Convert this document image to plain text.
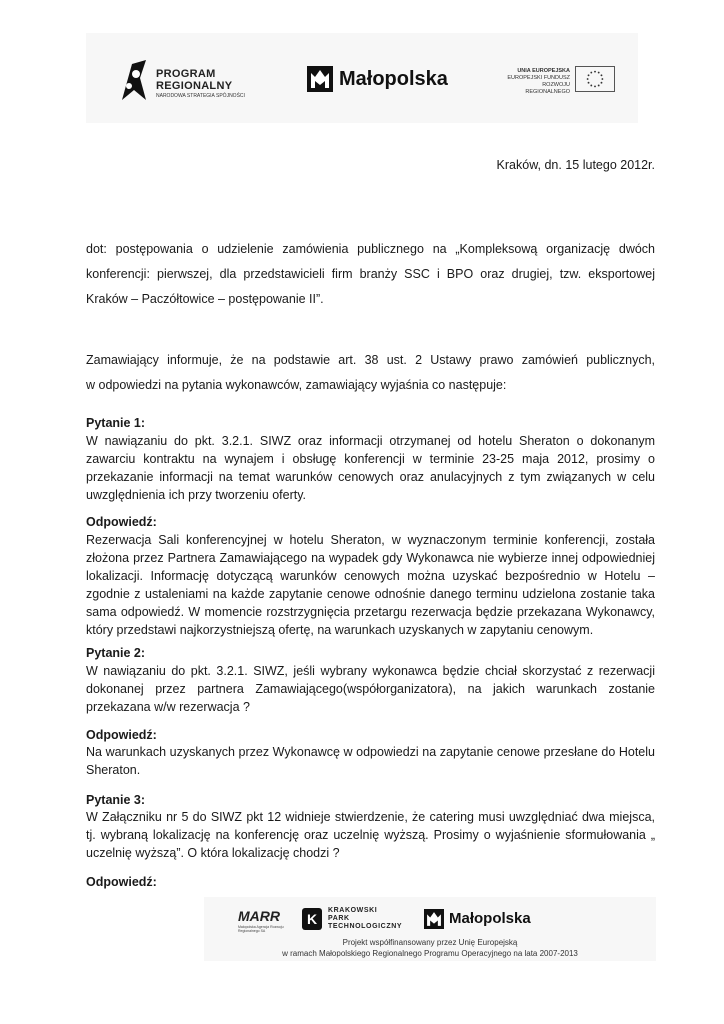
PROGRAM
REGIONALNY
NARODOWA STRATEGIA SPÓJNOŚCI
Małopolska	UNIA EUROPEJSKA
EUROPEJSKI FUNDUSZ
ROZWOJU REGIONALNEGO
Kraków, dn. 15 lutego 2012r.
dot: postępowania o udzielenie zamówienia publicznego na „Kompleksową organizację dwóch
konferencji: pierwszej, dla przedstawicieli firm branży SSC i BPO oraz drugiej, tzw. eksportowej
Kraków – Paczółtowice – postępowanie II”.
Zamawiający informuje, że na podstawie art. 38 ust. 2 Ustawy prawo zamówień publicznych,
w odpowiedzi na pytania wykonawców, zamawiający wyjaśnia co następuje:
Pytanie 1:
W nawiązaniu do pkt. 3.2.1. SIWZ oraz informacji otrzymanej od hotelu Sheraton o dokonanym zawarciu kontraktu na wynajem i obsługę konferencji w terminie 23-25 maja 2012, prosimy o przekazanie informacji na temat warunków cenowych oraz anulacyjnych z tym związanych w celu uwzględnienia ich przy tworzeniu oferty.
Odpowiedź:
Rezerwacja Sali konferencyjnej w hotelu Sheraton, w wyznaczonym terminie konferencji, została złożona przez Partnera Zamawiającego na wypadek gdy Wykonawca nie wybierze innej odpowiedniej lokalizacji. Informację dotyczącą warunków cenowych można uzyskać bezpośrednio w Hotelu – zgodnie z ustaleniami na każde zapytanie cenowe odnośnie danego terminu udzielona zostanie taka sama odpowiedź. W momencie rozstrzygnięcia przetargu rezerwacja będzie przekazana Wykonawcy, który przedstawi najkorzystniejszą ofertę, na warunkach uzyskanych w zapytaniu cenowym.
Pytanie 2:
W nawiązaniu do pkt. 3.2.1. SIWZ, jeśli wybrany wykonawca będzie chciał skorzystać z rezerwacji dokonanej przez partnera Zamawiającego(współorganizatora), na jakich warunkach zostanie przekazana w/w rezerwacja ?
Odpowiedź:
Na warunkach uzyskanych przez Wykonawcę w odpowiedzi na zapytanie cenowe przesłane do Hotelu Sheraton.
Pytanie 3:
W Załączniku nr 5 do SIWZ pkt 12 widnieje stwierdzenie, że catering musi uwzględniać dwa miejsca, tj. wybraną lokalizację na konferencję oraz uczelnię wyższą. Prosimy o wyjaśnienie sformułowania „ uczelnię wyższą”. O która lokalizację chodzi ?
Odpowiedź:
MARR
Małopolska Agencja Rozwoju Regionalnego SA
K
KRAKOWSKI
PARK
TECHNOLOGICZNY	Małopolska
Projekt współfinansowany przez Unię Europejską
w ramach Małopolskiego Regionalnego Programu Operacyjnego na lata 2007-2013
